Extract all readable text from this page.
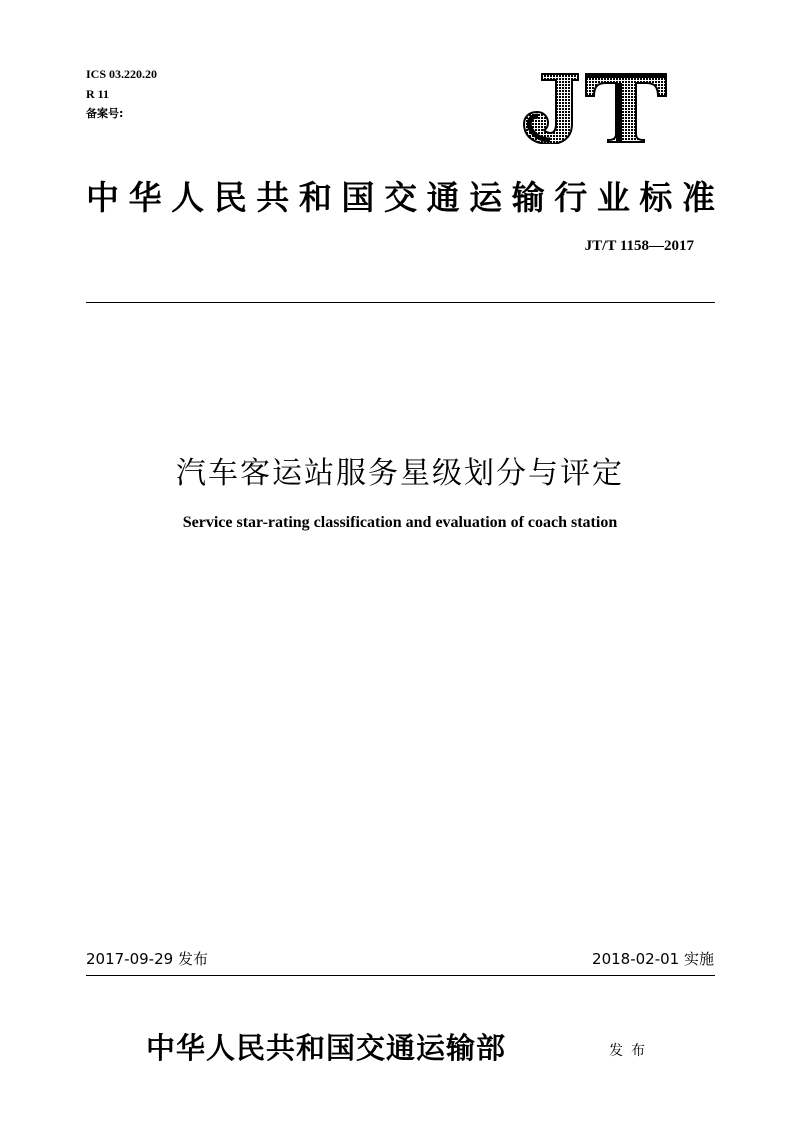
ICS 03.220.20
R 11
备案号:
中华人民共和国交通运输行业标准
JT/T 1158—2017
汽车客运站服务星级划分与评定
Service star-rating classification and evaluation of coach station
2017-09-29 发布	2018-02-01 实施
中华人民共和国交通运输部	发布
